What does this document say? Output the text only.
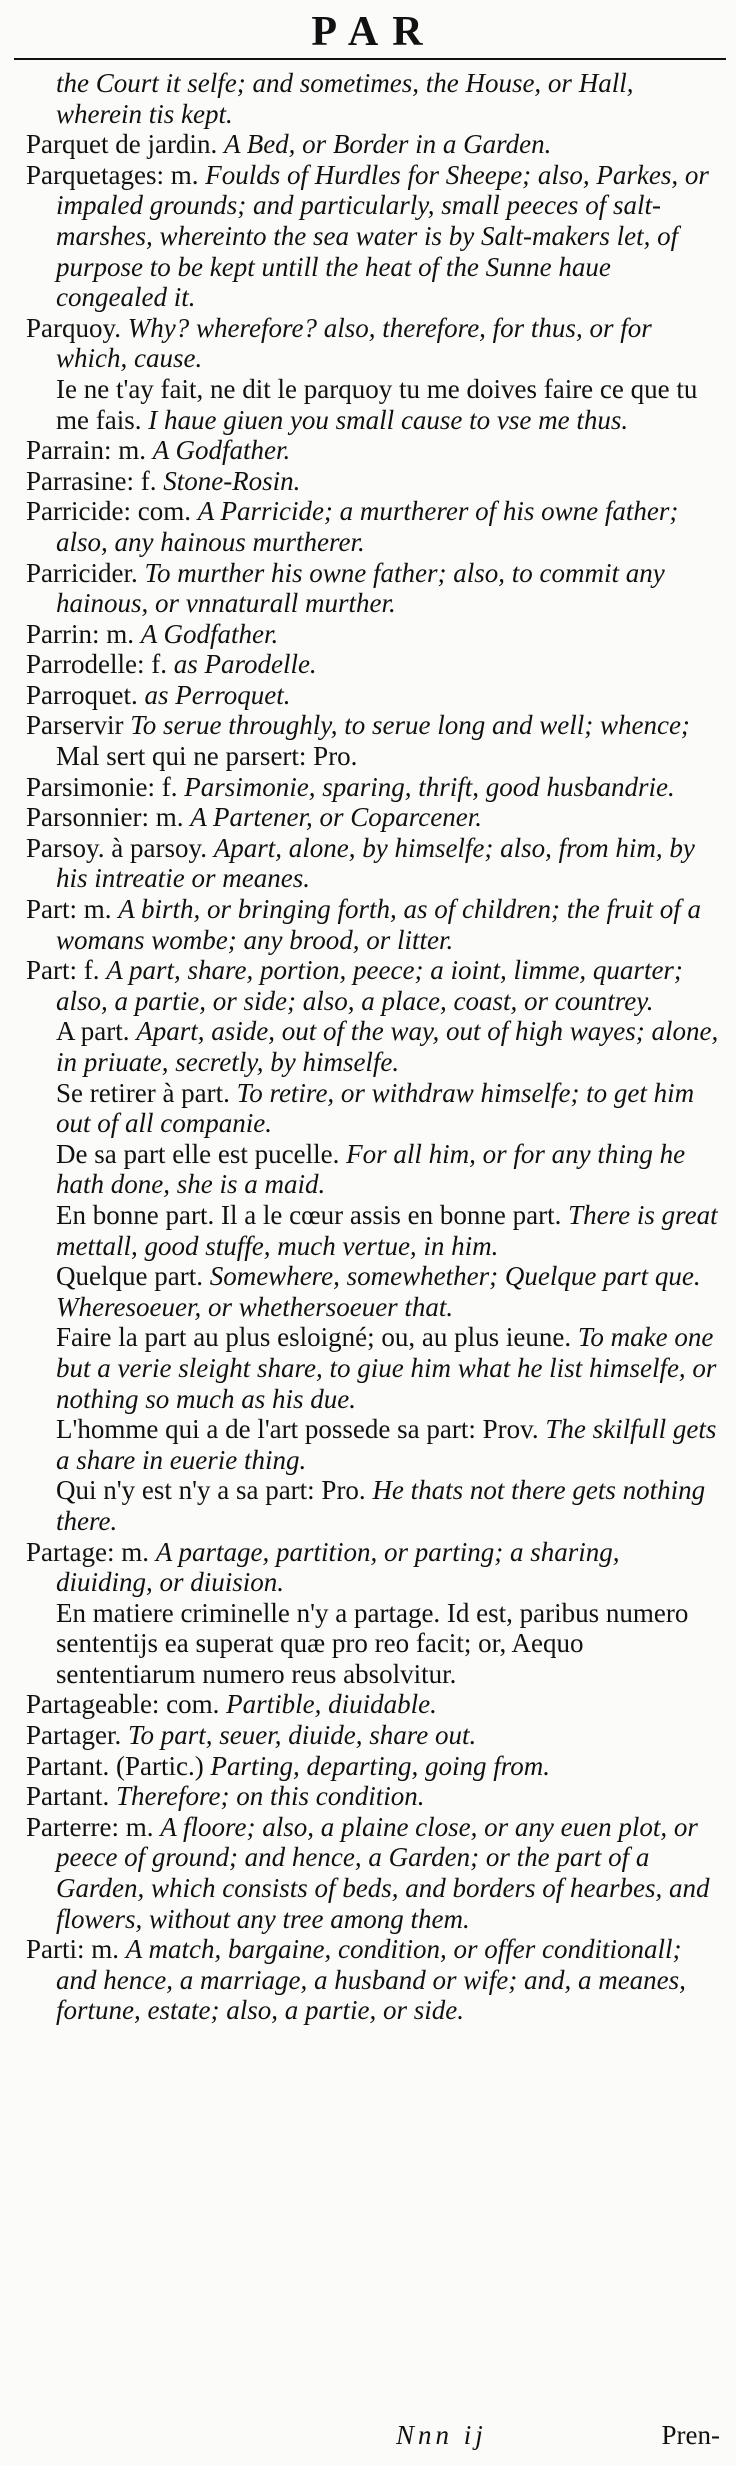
PAR

the Court it selfe; and sometimes, the House, or Hall, wherein tis kept.

Parquet de jardin. A Bed, or Border in a Garden.

Parquetages: m. Foulds of Hurdles for Sheepe; also, Parkes, or impaled grounds; and particularly, small peeces of salt-marshes, whereinto the sea water is by Salt-makers let, of purpose to be kept untill the heat of the Sunne haue congealed it.

Parquoy. Why? wherefore? also, therefore, for thus, or for which, cause.

Ie ne t'ay fait, ne dit le parquoy tu me doives faire ce que tu me fais. I haue giuen you small cause to vse me thus.

Parrain: m. A Godfather.

Parrasine: f. Stone-Rosin.

Parricide: com. A Parricide; a murtherer of his owne father; also, any hainous murtherer.

Parricider. To murther his owne father; also, to commit any hainous, or vnnaturall murther.

Parrin: m. A Godfather.

Parrodelle: f. as Parodelle.

Parroquet. as Perroquet.

Parservir To serue throughly, to serue long and well; whence;

Mal sert qui ne parsert: Pro.

Parsimonie: f. Parsimonie, sparing, thrift, good husbandrie.

Parsonnier: m. A Partener, or Coparcener.

Parsoy. à parsoy. Apart, alone, by himselfe; also, from him, by his intreatie or meanes.

Part: m. A birth, or bringing forth, as of children; the fruit of a womans wombe; any brood, or litter.

Part: f. A part, share, portion, peece; a ioint, limme, quarter; also, a partie, or side; also, a place, coast, or countrey.

A part. Apart, aside, out of the way, out of high wayes; alone, in priuate, secretly, by himselfe.

Se retirer à part. To retire, or withdraw himselfe; to get him out of all companie.

De sa part elle est pucelle. For all him, or for any thing he hath done, she is a maid.

En bonne part. Il a le cœur assis en bonne part. There is great mettall, good stuffe, much vertue, in him.

Quelque part. Somewhere, somewhether; Quelque part que. Wheresoeuer, or whethersoeuer that.

Faire la part au plus esloigné; ou, au plus ieune. To make one but a verie sleight share, to giue him what he list himselfe, or nothing so much as his due.

L'homme qui a de l'art possede sa part: Prov. The skilfull gets a share in euerie thing.

Qui n'y est n'y a sa part: Pro. He thats not there gets nothing there.

Partage: m. A partage, partition, or parting; a sharing, diuiding, or diuision.

En matiere criminelle n'y a partage. Id est, paribus numero sententijs ea superat quæ pro reo facit; or, Aequo sententiarum numero reus absolvitur.

Partageable: com. Partible, diuidable.

Partager. To part, seuer, diuide, share out.

Partant. (Partic.) Parting, departing, going from.

Partant. Therefore; on this condition.

Parterre: m. A floore; also, a plaine close, or any euen plot, or peece of ground; and hence, a Garden; or the part of a Garden, which consists of beds, and borders of hearbes, and flowers, without any tree among them.

Parti: m. A match, bargaine, condition, or offer conditionall; and hence, a marriage, a husband or wife; and, a meanes, fortune, estate; also, a partie, or side.

Nnn ij	Pren-
